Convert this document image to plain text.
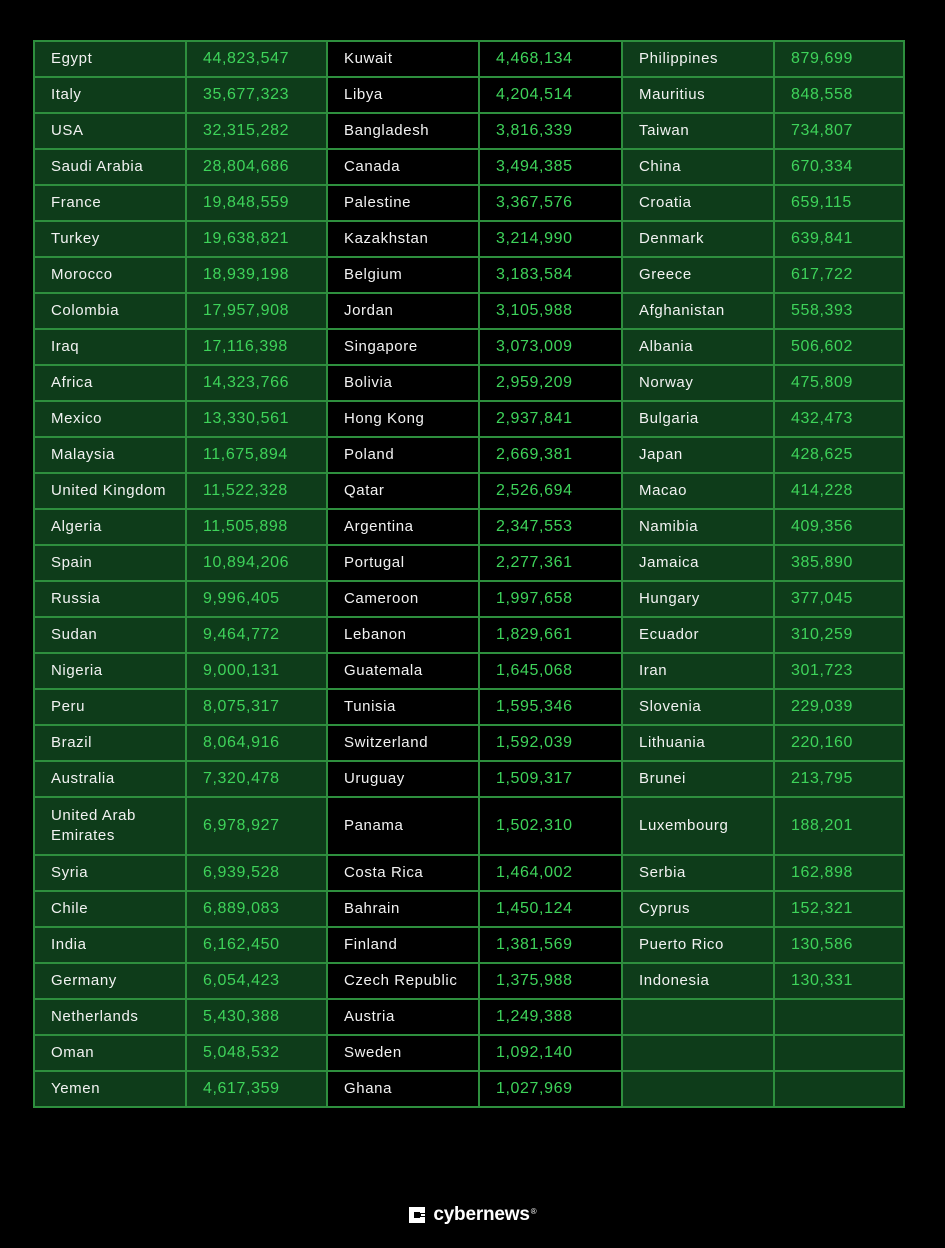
Egypt	44,823,547	Kuwait	4,468,134	Philippines	879,699

Italy	35,677,323	Libya	4,204,514	Mauritius	848,558

USA	32,315,282	Bangladesh	3,816,339	Taiwan	734,807

Saudi Arabia	28,804,686	Canada	3,494,385	China	670,334

France	19,848,559	Palestine	3,367,576	Croatia	659,115

Turkey	19,638,821	Kazakhstan	3,214,990	Denmark	639,841

Morocco	18,939,198	Belgium	3,183,584	Greece	617,722

Colombia	17,957,908	Jordan	3,105,988	Afghanistan	558,393

Iraq	17,116,398	Singapore	3,073,009	Albania	506,602

Africa	14,323,766	Bolivia	2,959,209	Norway	475,809

Mexico	13,330,561	Hong Kong	2,937,841	Bulgaria	432,473

Malaysia	11,675,894	Poland	2,669,381	Japan	428,625

United Kingdom	11,522,328	Qatar	2,526,694	Macao	414,228

Algeria	11,505,898	Argentina	2,347,553	Namibia	409,356

Spain	10,894,206	Portugal	2,277,361	Jamaica	385,890

Russia	9,996,405	Cameroon	1,997,658	Hungary	377,045

Sudan	9,464,772	Lebanon	1,829,661	Ecuador	310,259

Nigeria	9,000,131	Guatemala	1,645,068	Iran	301,723

Peru	8,075,317	Tunisia	1,595,346	Slovenia	229,039

Brazil	8,064,916	Switzerland	1,592,039	Lithuania	220,160

Australia	7,320,478	Uruguay	1,509,317	Brunei	213,795

United Arab Emirates	6,978,927	Panama	1,502,310	Luxembourg	188,201

Syria	6,939,528	Costa Rica	1,464,002	Serbia	162,898

Chile	6,889,083	Bahrain	1,450,124	Cyprus	152,321

India	6,162,450	Finland	1,381,569	Puerto Rico	130,586

Germany	6,054,423	Czech Republic	1,375,988	Indonesia	130,331

Netherlands	5,430,388	Austria	1,249,388		

Oman	5,048,532	Sweden	1,092,140		

Yemen	4,617,359	Ghana	1,027,969		

cybernews ®
